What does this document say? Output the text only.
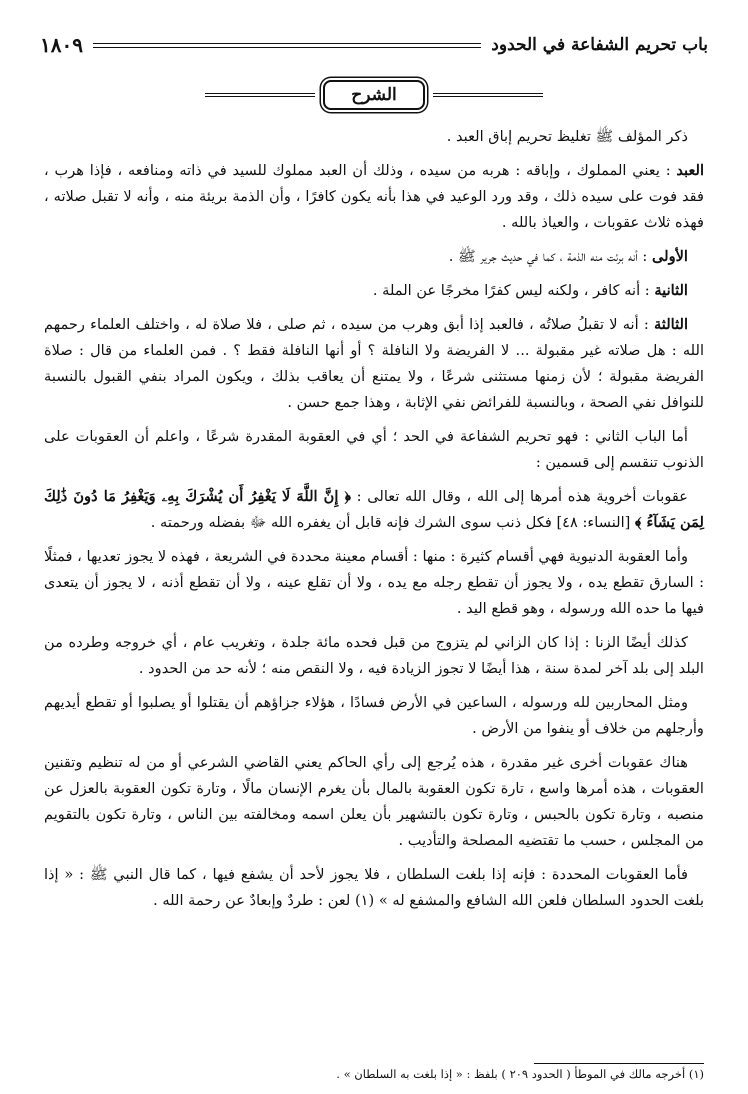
باب تحريم الشفاعة في الحدود
١٨٠٩
الشرح

ذكر المؤلف ﷺ تغليظ تحريم إباق العبد .

العبد : يعني المملوك ، وإباقه : هربه من سيده ، وذلك أن العبد مملوك للسيد في ذاته ومنافعه ، فإذا هرب ، فقد فوت على سيده ذلك ، وقد ورد الوعيد في هذا بأنه يكون كافرًا ، وأن الذمة بريئة منه ، وأنه لا تقبل صلاته ، فهذه ثلاث عقوبات ، والعياذ بالله .

الأولى : أنه برئت منه الذمة ، كما في حديث جرير ﷺ .

الثانية : أنه كافر ، ولكنه ليس كفرًا مخرجًا عن الملة .

الثالثة : أنه لا تقبلُ صلاتُه ، فالعبد إذا أبق وهرب من سيده ، ثم صلى ، فلا صلاة له ، واختلف العلماء رحمهم الله : هل صلاته غير مقبولة ... لا الفريضة ولا النافلة ؟ أو أنها النافلة فقط ؟ . فمن العلماء من قال : صلاة الفريضة مقبولة ؛ لأن زمنها مستثنى شرعًا ، ولا يمتنع أن يعاقب بذلك ، ويكون المراد بنفي القبول بالنسبة للنوافل نفي الصحة ، وبالنسبة للفرائض نفي الإثابة ، وهذا جمع حسن .

أما الباب الثاني : فهو تحريم الشفاعة في الحد ؛ أي في العقوبة المقدرة شرعًا ، واعلم أن العقوبات على الذنوب تنقسم إلى قسمين :

عقوبات أخروية هذه أمرها إلى الله ، وقال الله تعالى : ﴿ إِنَّ اللَّهَ لَا يَغْفِرُ أَن يُشْرَكَ بِهِۦ وَيَغْفِرُ مَا دُونَ ذَٰلِكَ لِمَن يَشَآءُ ﴾ [النساء: ٤٨] فكل ذنب سوى الشرك فإنه قابل أن يغفره الله ﷻ بفضله ورحمته .

وأما العقوبة الدنيوية فهي أقسام كثيرة : منها : أقسام معينة محددة في الشريعة ، فهذه لا يجوز تعديها ، فمثلًا : السارق تقطع يده ، ولا يجوز أن تقطع رجله مع يده ، ولا أن تقلع عينه ، ولا أن تقطع أذنه ، لا يجوز أن يتعدى فيها ما حده الله ورسوله ، وهو قطع اليد .

كذلك أيضًا الزنا : إذا كان الزاني لم يتزوج من قبل فحده مائة جلدة ، وتغريب عام ، أي خروجه وطرده من البلد إلى بلد آخر لمدة سنة ، هذا أيضًا لا تجوز الزيادة فيه ، ولا النقص منه ؛ لأنه حد من الحدود .

ومثل المحاربين لله ورسوله ، الساعين في الأرض فسادًا ، هؤلاء جزاؤهم أن يقتلوا أو يصلبوا أو تقطع أيديهم وأرجلهم من خلاف أو ينفوا من الأرض .

هناك عقوبات أخرى غير مقدرة ، هذه يُرجع إلى رأي الحاكم يعني القاضي الشرعي أو من له تنظيم وتقنين العقوبات ، هذه أمرها واسع ، تارة تكون العقوبة بالمال بأن يغرم الإنسان مالًا ، وتارة تكون العقوبة بالعزل عن منصبه ، وتارة تكون بالحبس ، وتارة تكون بالتشهير بأن يعلن اسمه ومخالفته بين الناس ، وتارة تكون بالتقويم من المجلس ، حسب ما تقتضيه المصلحة والتأديب .

فأما العقوبات المحددة : فإنه إذا بلغت السلطان ، فلا يجوز لأحد أن يشفع فيها ، كما قال النبي ﷺ : « إذا بلغت الحدود السلطان فلعن الله الشافع والمشفع له » (١) لعن : طردٌ وإبعادٌ عن رحمة الله .

(١) أخرجه مالك في الموطأ ( الحدود ٢٠٩ ) بلفظ : « إذا بلغت به السلطان » .
